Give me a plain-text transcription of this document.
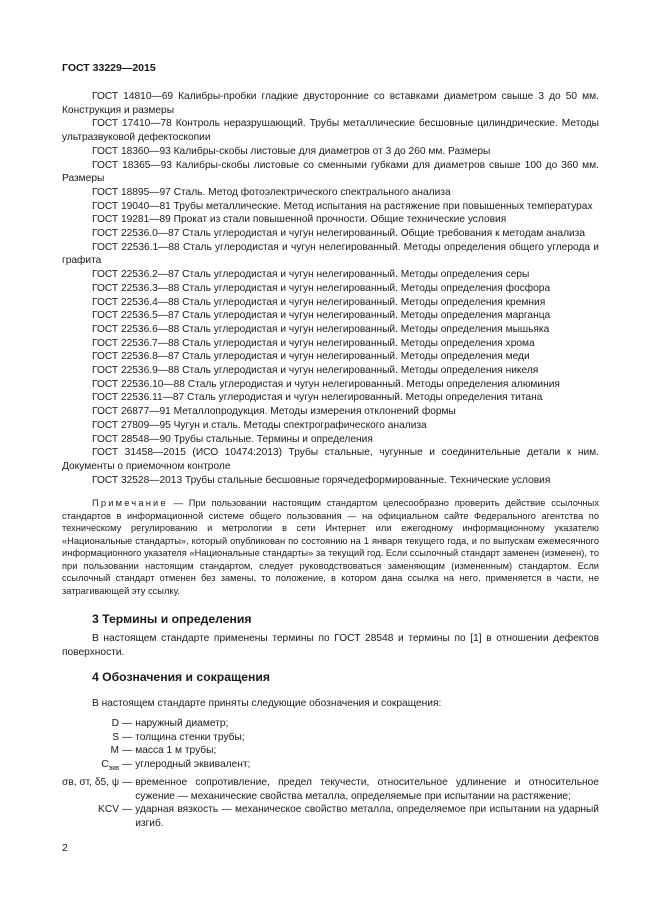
ГОСТ 33229—2015

ГОСТ 14810—69 Калибры-пробки гладкие двусторонние со вставками диаметром свыше 3 до 50 мм. Конструкция и размеры

ГОСТ 17410—78 Контроль неразрушающий. Трубы металлические бесшовные цилиндрические. Методы ультразвуковой дефектоскопии

ГОСТ 18360—93 Калибры-скобы листовые для диаметров от 3 до 260 мм. Размеры

ГОСТ 18365—93 Калибры-скобы листовые со сменными губками для диаметров свыше 100 до 360 мм. Размеры

ГОСТ 18895—97 Сталь. Метод фотоэлектрического спектрального анализа

ГОСТ 19040—81 Трубы металлические. Метод испытания на растяжение при повышенных температурах

ГОСТ 19281—89 Прокат из стали повышенной прочности. Общие технические условия

ГОСТ 22536.0—87 Сталь углеродистая и чугун нелегированный. Общие требования к методам анализа

ГОСТ 22536.1—88 Сталь углеродистая и чугун нелегированный. Методы определения общего углерода и графита

ГОСТ 22536.2—87 Сталь углеродистая и чугун нелегированный. Методы определения серы

ГОСТ 22536.3—88 Сталь углеродистая и чугун нелегированный. Методы определения фосфора

ГОСТ 22536.4—88 Сталь углеродистая и чугун нелегированный. Методы определения кремния

ГОСТ 22536.5—87 Сталь углеродистая и чугун нелегированный. Методы определения марганца

ГОСТ 22536.6—88 Сталь углеродистая и чугун нелегированный. Методы определения мышьяка

ГОСТ 22536.7—88 Сталь углеродистая и чугун нелегированный. Методы определения хрома

ГОСТ 22536.8—87 Сталь углеродистая и чугун нелегированный. Методы определения меди

ГОСТ 22536.9—88 Сталь углеродистая и чугун нелегированный. Методы определения никеля

ГОСТ 22536.10—88 Сталь углеродистая и чугун нелегированный. Методы определения алюминия

ГОСТ 22536.11—87 Сталь углеродистая и чугун нелегированный. Методы определения титана

ГОСТ 26877—91 Металлопродукция. Методы измерения отклонений формы

ГОСТ 27809—95 Чугун и сталь. Методы спектрографического анализа

ГОСТ 28548—90 Трубы стальные. Термины и определения

ГОСТ 31458—2015 (ИСО 10474:2013) Трубы стальные, чугунные и соединительные детали к ним. Документы о приемочном контроле

ГОСТ 32528—2013 Трубы стальные бесшовные горячедеформированные. Технические условия

Примечание — При пользовании настоящим стандартом целесообразно проверить действие ссылочных стандартов в информационной системе общего пользования — на официальном сайте Федерального агентства по техническому регулированию и метрологии в сети Интернет или ежегодному информационному указателю «Национальные стандарты», который опубликован по состоянию на 1 января текущего года, и по выпускам ежемесячного информационного указателя «Национальные стандарты» за текущий год. Если ссылочный стандарт заменен (изменен), то при пользовании настоящим стандартом, следует руководствоваться заменяющим (измененным) стандартом. Если ссылочный стандарт отменен без замены, то положение, в котором дана ссылка на него, применяется в части, не затрагивающей эту ссылку.
3 Термины и определения
В настоящем стандарте применены термины по ГОСТ 28548 и термины по [1] в отношении дефектов поверхности.
4 Обозначения и сокращения
В настоящем стандарте приняты следующие обозначения и сокращения:
D — наружный диаметр;
S — толщина стенки трубы;
M — масса 1 м трубы;
$C_{экв}$ — углеродный эквивалент;
σв, σт, δ5, ψ — временное сопротивление, предел текучести, относительное удлинение и относительное сужение — механические свойства металла, определяемые при испытании на растяжение;
KCV — ударная вязкость — механическое свойство металла, определяемое при испытании на ударный изгиб.
2
